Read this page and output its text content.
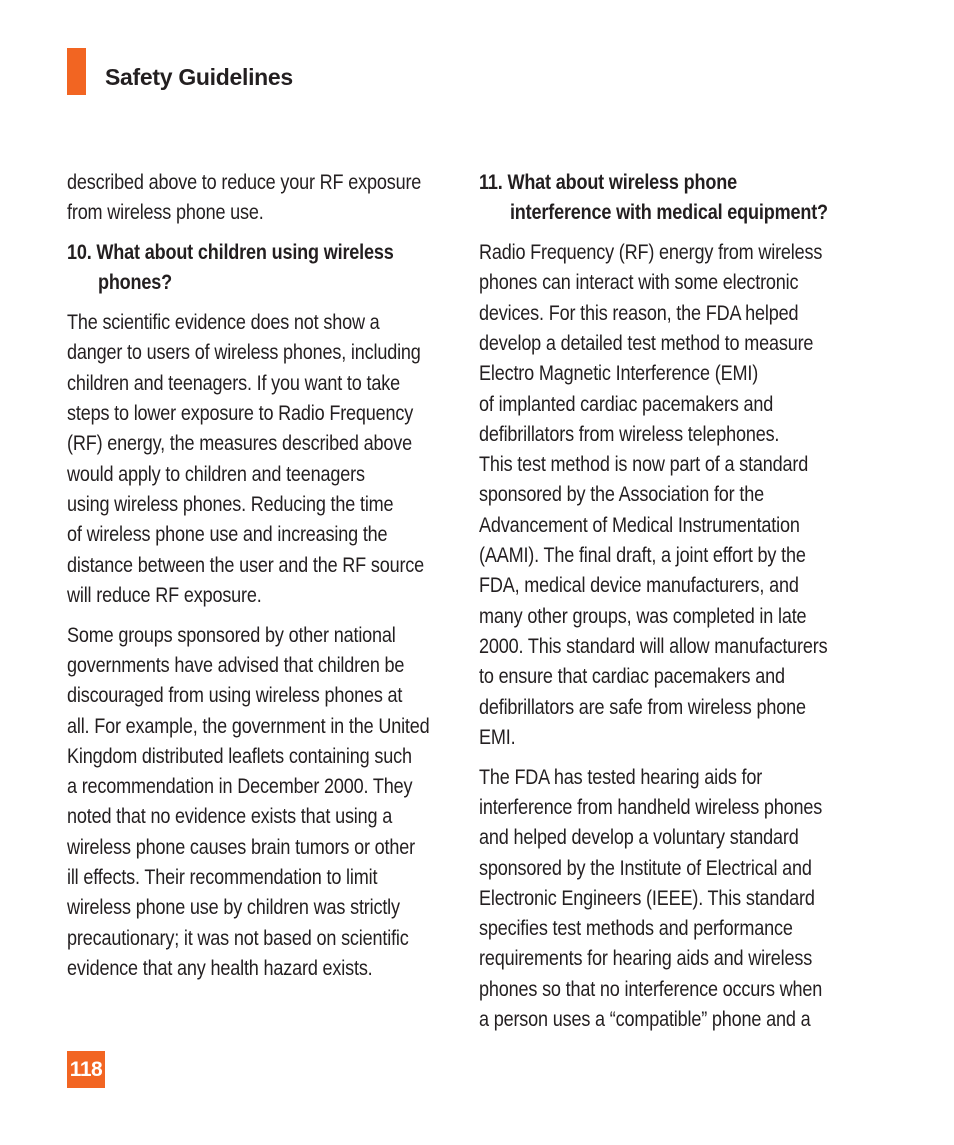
Safety Guidelines
described above to reduce your RF exposure
from wireless phone use.
10. What about children using wireless
phones?
The scientific evidence does not show a
danger to users of wireless phones, including
children and teenagers. If you want to take
steps to lower exposure to Radio Frequency
(RF) energy, the measures described above
would apply to children and teenagers
using wireless phones. Reducing the time
of wireless phone use and increasing the
distance between the user and the RF source
will reduce RF exposure.
Some groups sponsored by other national
governments have advised that children be
discouraged from using wireless phones at
all. For example, the government in the United
Kingdom distributed leaflets containing such
a recommendation in December 2000. They
noted that no evidence exists that using a
wireless phone causes brain tumors or other
ill effects. Their recommendation to limit
wireless phone use by children was strictly
precautionary; it was not based on scientific
evidence that any health hazard exists.
11. What about wireless phone
interference with medical equipment?
Radio Frequency (RF) energy from wireless
phones can interact with some electronic
devices. For this reason, the FDA helped
develop a detailed test method to measure
Electro Magnetic Interference (EMI)
of implanted cardiac pacemakers and
defibrillators from wireless telephones.
This test method is now part of a standard
sponsored by the Association for the
Advancement of Medical Instrumentation
(AAMI). The final draft, a joint effort by the
FDA, medical device manufacturers, and
many other groups, was completed in late
2000. This standard will allow manufacturers
to ensure that cardiac pacemakers and
defibrillators are safe from wireless phone
EMI.
The FDA has tested hearing aids for
interference from handheld wireless phones
and helped develop a voluntary standard
sponsored by the Institute of Electrical and
Electronic Engineers (IEEE). This standard
specifies test methods and performance
requirements for hearing aids and wireless
phones so that no interference occurs when
a person uses a “compatible” phone and a
118
